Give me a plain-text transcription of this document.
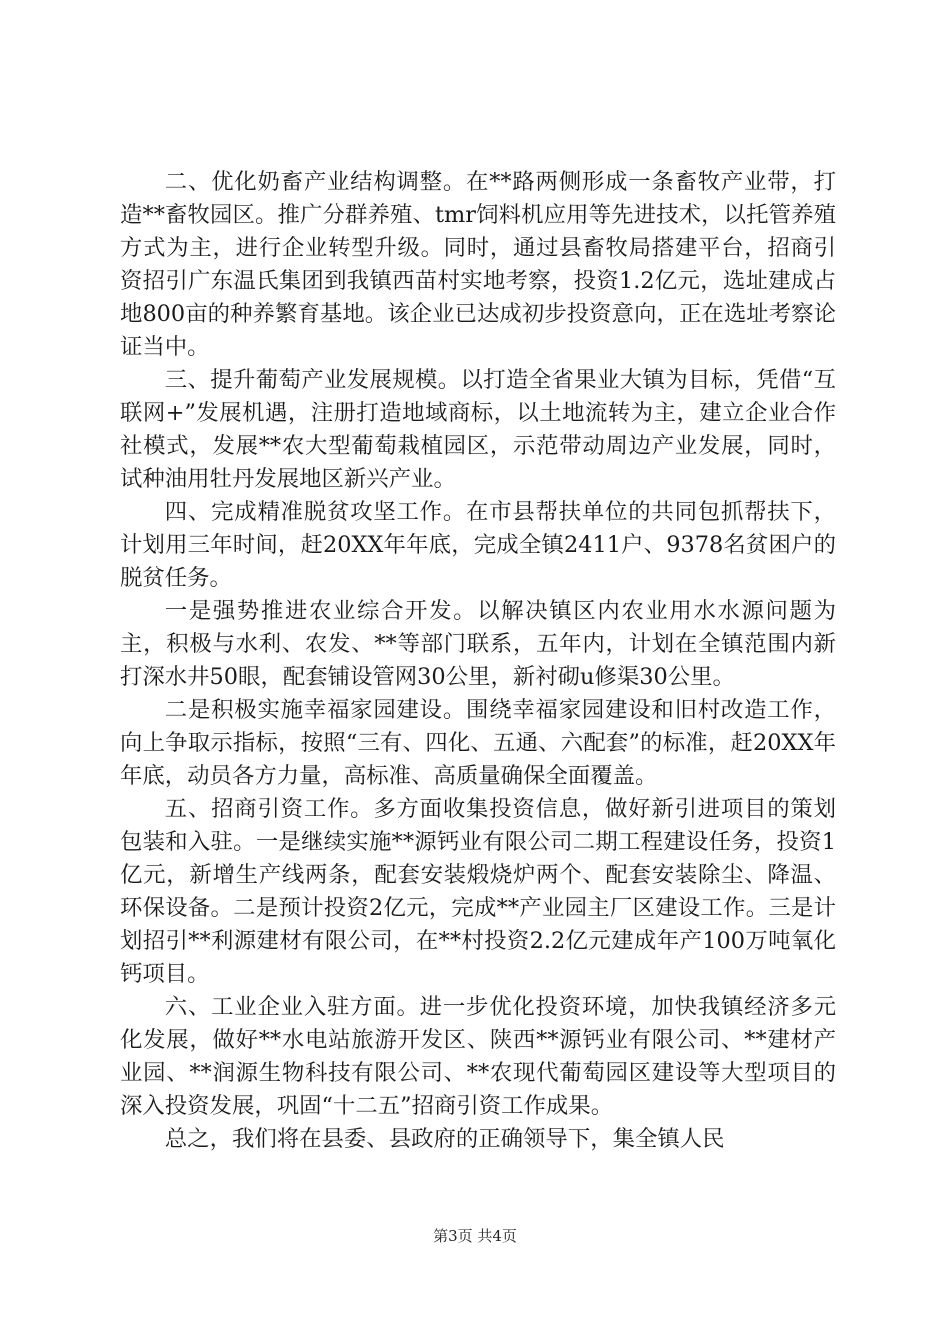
二、优化奶畜产业结构调整。在**路两侧形成一条畜牧产业带，打造**畜牧园区。推广分群养殖、tmr饲料机应用等先进技术，以托管养殖方式为主，进行企业转型升级。同时，通过县畜牧局搭建平台，招商引资招引广东温氏集团到我镇西苗村实地考察，投资1.2亿元，选址建成占地800亩的种养繁育基地。该企业已达成初步投资意向，正在选址考察论证当中。

三、提升葡萄产业发展规模。以打造全省果业大镇为目标，凭借“互联网+”发展机遇，注册打造地域商标，以土地流转为主，建立企业合作社模式，发展**农大型葡萄栽植园区，示范带动周边产业发展，同时，试种油用牡丹发展地区新兴产业。

四、完成精准脱贫攻坚工作。在市县帮扶单位的共同包抓帮扶下，计划用三年时间，赶20XX年年底，完成全镇2411户、9378名贫困户的脱贫任务。

一是强势推进农业综合开发。以解决镇区内农业用水水源问题为主，积极与水利、农发、**等部门联系，五年内，计划在全镇范围内新打深水井50眼，配套铺设管网30公里，新衬砌u修渠30公里。

二是积极实施幸福家园建设。围绕幸福家园建设和旧村改造工作，向上争取示指标，按照“三有、四化、五通、六配套”的标准，赶20XX年年底，动员各方力量，高标准、高质量确保全面覆盖。

五、招商引资工作。多方面收集投资信息，做好新引进项目的策划包装和入驻。一是继续实施**源钙业有限公司二期工程建设任务，投资1亿元，新增生产线两条，配套安装煅烧炉两个、配套安装除尘、降温、环保设备。二是预计投资2亿元，完成**产业园主厂区建设工作。三是计划招引**利源建材有限公司，在**村投资2.2亿元建成年产100万吨氧化钙项目。

六、工业企业入驻方面。进一步优化投资环境，加快我镇经济多元化发展，做好**水电站旅游开发区、陕西**源钙业有限公司、**建材产业园、**润源生物科技有限公司、**农现代葡萄园区建设等大型项目的深入投资发展，巩固“十二五”招商引资工作成果。

总之，我们将在县委、县政府的正确领导下，集全镇人民

第3页 共4页
